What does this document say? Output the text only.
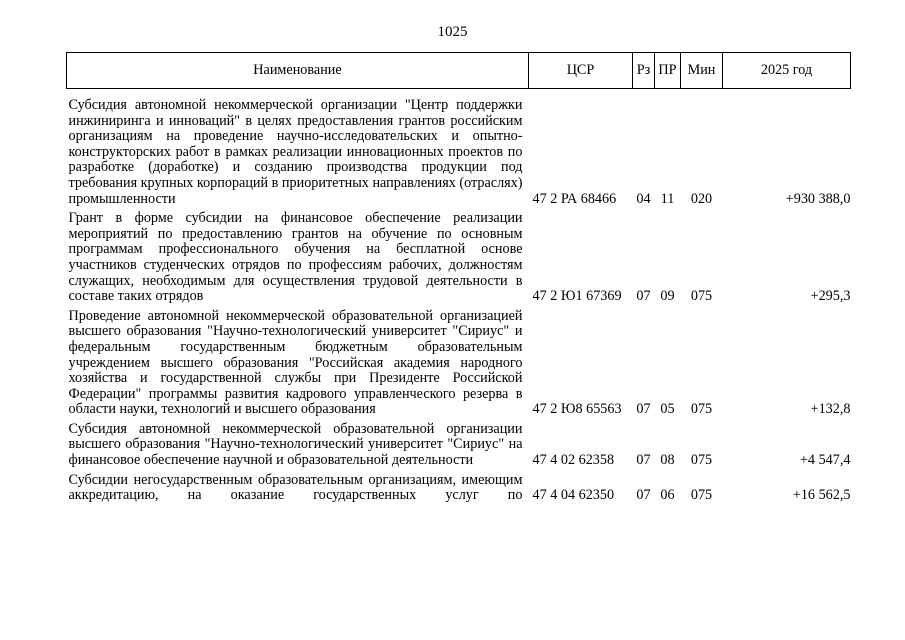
1025
Наименование	ЦСР	Рз	ПР	Мин	2025 год
Субсидия автономной некоммерческой организации "Центр поддержки инжиниринга и инноваций" в целях предоставления грантов российским организациям на проведение научно-исследовательских и опытно-конструкторских работ в рамках реализации инновационных проектов по разработке (доработке) и созданию производства продукции под требования крупных корпораций в приоритетных направлениях (отраслях) промышленности	47 2 РА 68466	04	11	020	+930 388,0
Грант в форме субсидии на финансовое обеспечение реализации мероприятий по предоставлению грантов на обучение по основным программам профессионального обучения на бесплатной основе участников студенческих отрядов по профессиям рабочих, должностям служащих, необходимым для осуществления трудовой деятельности в составе таких отрядов	47 2 Ю1 67369	07	09	075	+295,3
Проведение автономной некоммерческой образовательной организацией высшего образования "Научно-технологический университет "Сириус" и федеральным государственным бюджетным образовательным учреждением высшего образования "Российская академия народного хозяйства и государственной службы при Президенте Российской Федерации" программы развития кадрового управленческого резерва в области науки, технологий и высшего образования	47 2 Ю8 65563	07	05	075	+132,8
Субсидия автономной некоммерческой образовательной организации высшего образования "Научно-технологический университет "Сириус" на финансовое обеспечение научной и образовательной деятельности	47 4 02 62358	07	08	075	+4 547,4
Субсидии негосударственным образовательным организациям, имеющим аккредитацию, на оказание государственных услуг по	47 4 04 62350	07	06	075	+16 562,5
